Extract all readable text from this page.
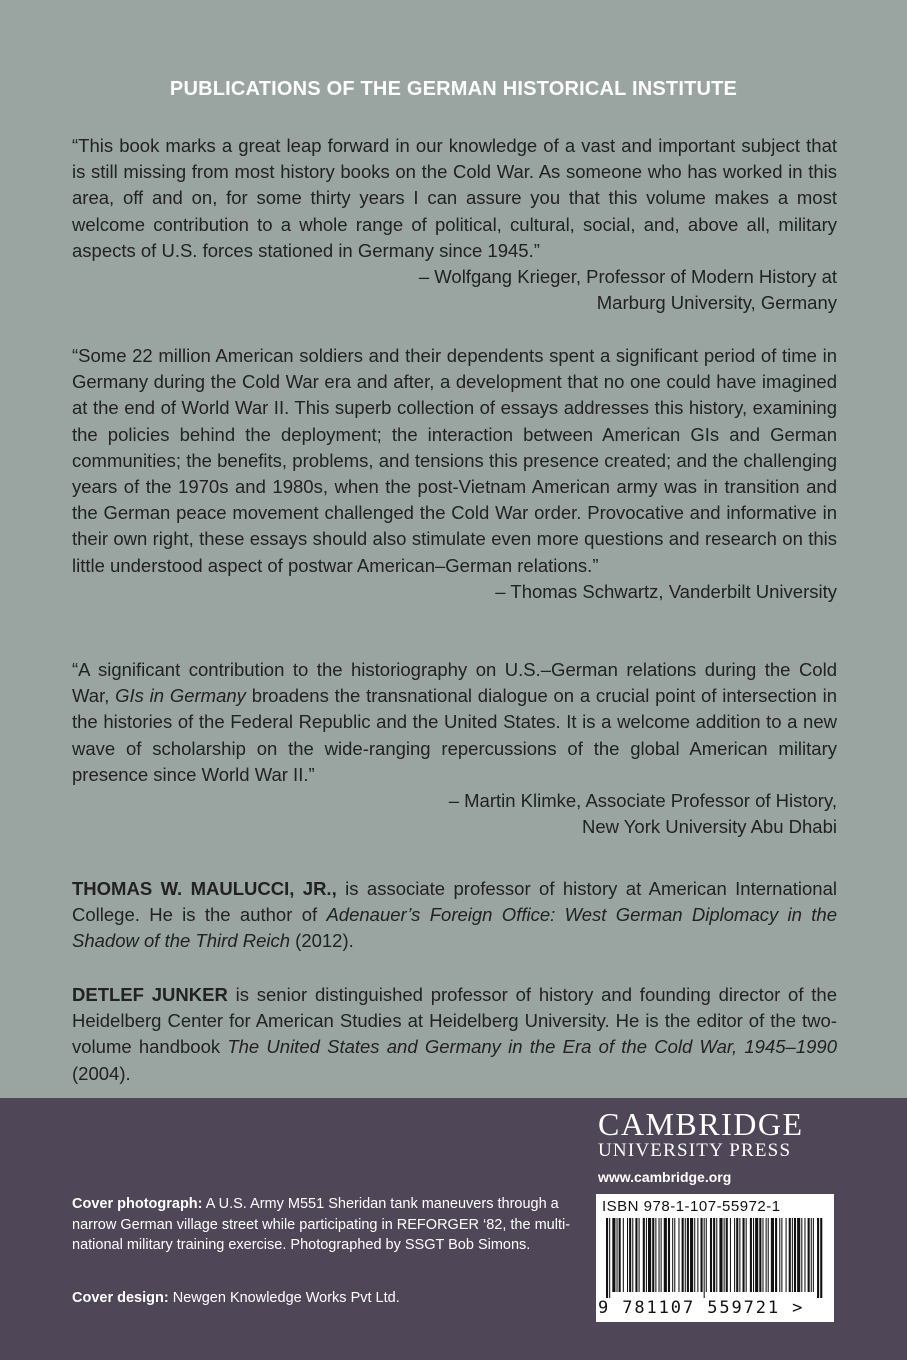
PUBLICATIONS OF THE GERMAN HISTORICAL INSTITUTE
“This book marks a great leap forward in our knowledge of a vast and important subject that is still missing from most history books on the Cold War. As someone who has worked in this area, off and on, for some thirty years I can assure you that this volume makes a most welcome contribution to a whole range of political, cultural, social, and, above all, military aspects of U.S. forces stationed in Germany since 1945.”
– Wolfgang Krieger, Professor of Modern History at
Marburg University, Germany
“Some 22 million American soldiers and their dependents spent a significant period of time in Germany during the Cold War era and after, a development that no one could have imagined at the end of World War II. This superb collection of essays addresses this history, examining the policies behind the deployment; the interaction between American GIs and German communities; the benefits, problems, and tensions this presence created; and the challenging years of the 1970s and 1980s, when the post-Vietnam American army was in transition and the German peace movement challenged the Cold War order. Provocative and informative in their own right, these essays should also stimulate even more questions and research on this little understood aspect of postwar American–German relations.”
– Thomas Schwartz, Vanderbilt University
“A significant contribution to the historiography on U.S.–German relations during the Cold War, GIs in Germany broadens the transnational dialogue on a crucial point of intersection in the histories of the Federal Republic and the United States. It is a welcome addition to a new wave of scholarship on the wide-ranging repercussions of the global American military presence since World War II.”
– Martin Klimke, Associate Professor of History,
New York University Abu Dhabi
THOMAS W. MAULUCCI, JR., is associate professor of history at American International College. He is the author of Adenauer’s Foreign Office: West German Diplomacy in the Shadow of the Third Reich (2012).
DETLEF JUNKER is senior distinguished professor of history and founding director of the Heidelberg Center for American Studies at Heidelberg University. He is the editor of the two-volume handbook The United States and Germany in the Era of the Cold War, 1945–1990 (2004).
CAMBRIDGE
UNIVERSITY PRESS
www.cambridge.org
Cover photograph: A U.S. Army M551 Sheridan tank maneuvers through a narrow German village street while participating in REFORGER ‘82, the multi-national military training exercise. Photographed by SSGT Bob Simons.
Cover design: Newgen Knowledge Works Pvt Ltd.
ISBN 978-1-107-55972-1
9 781107 559721 >
